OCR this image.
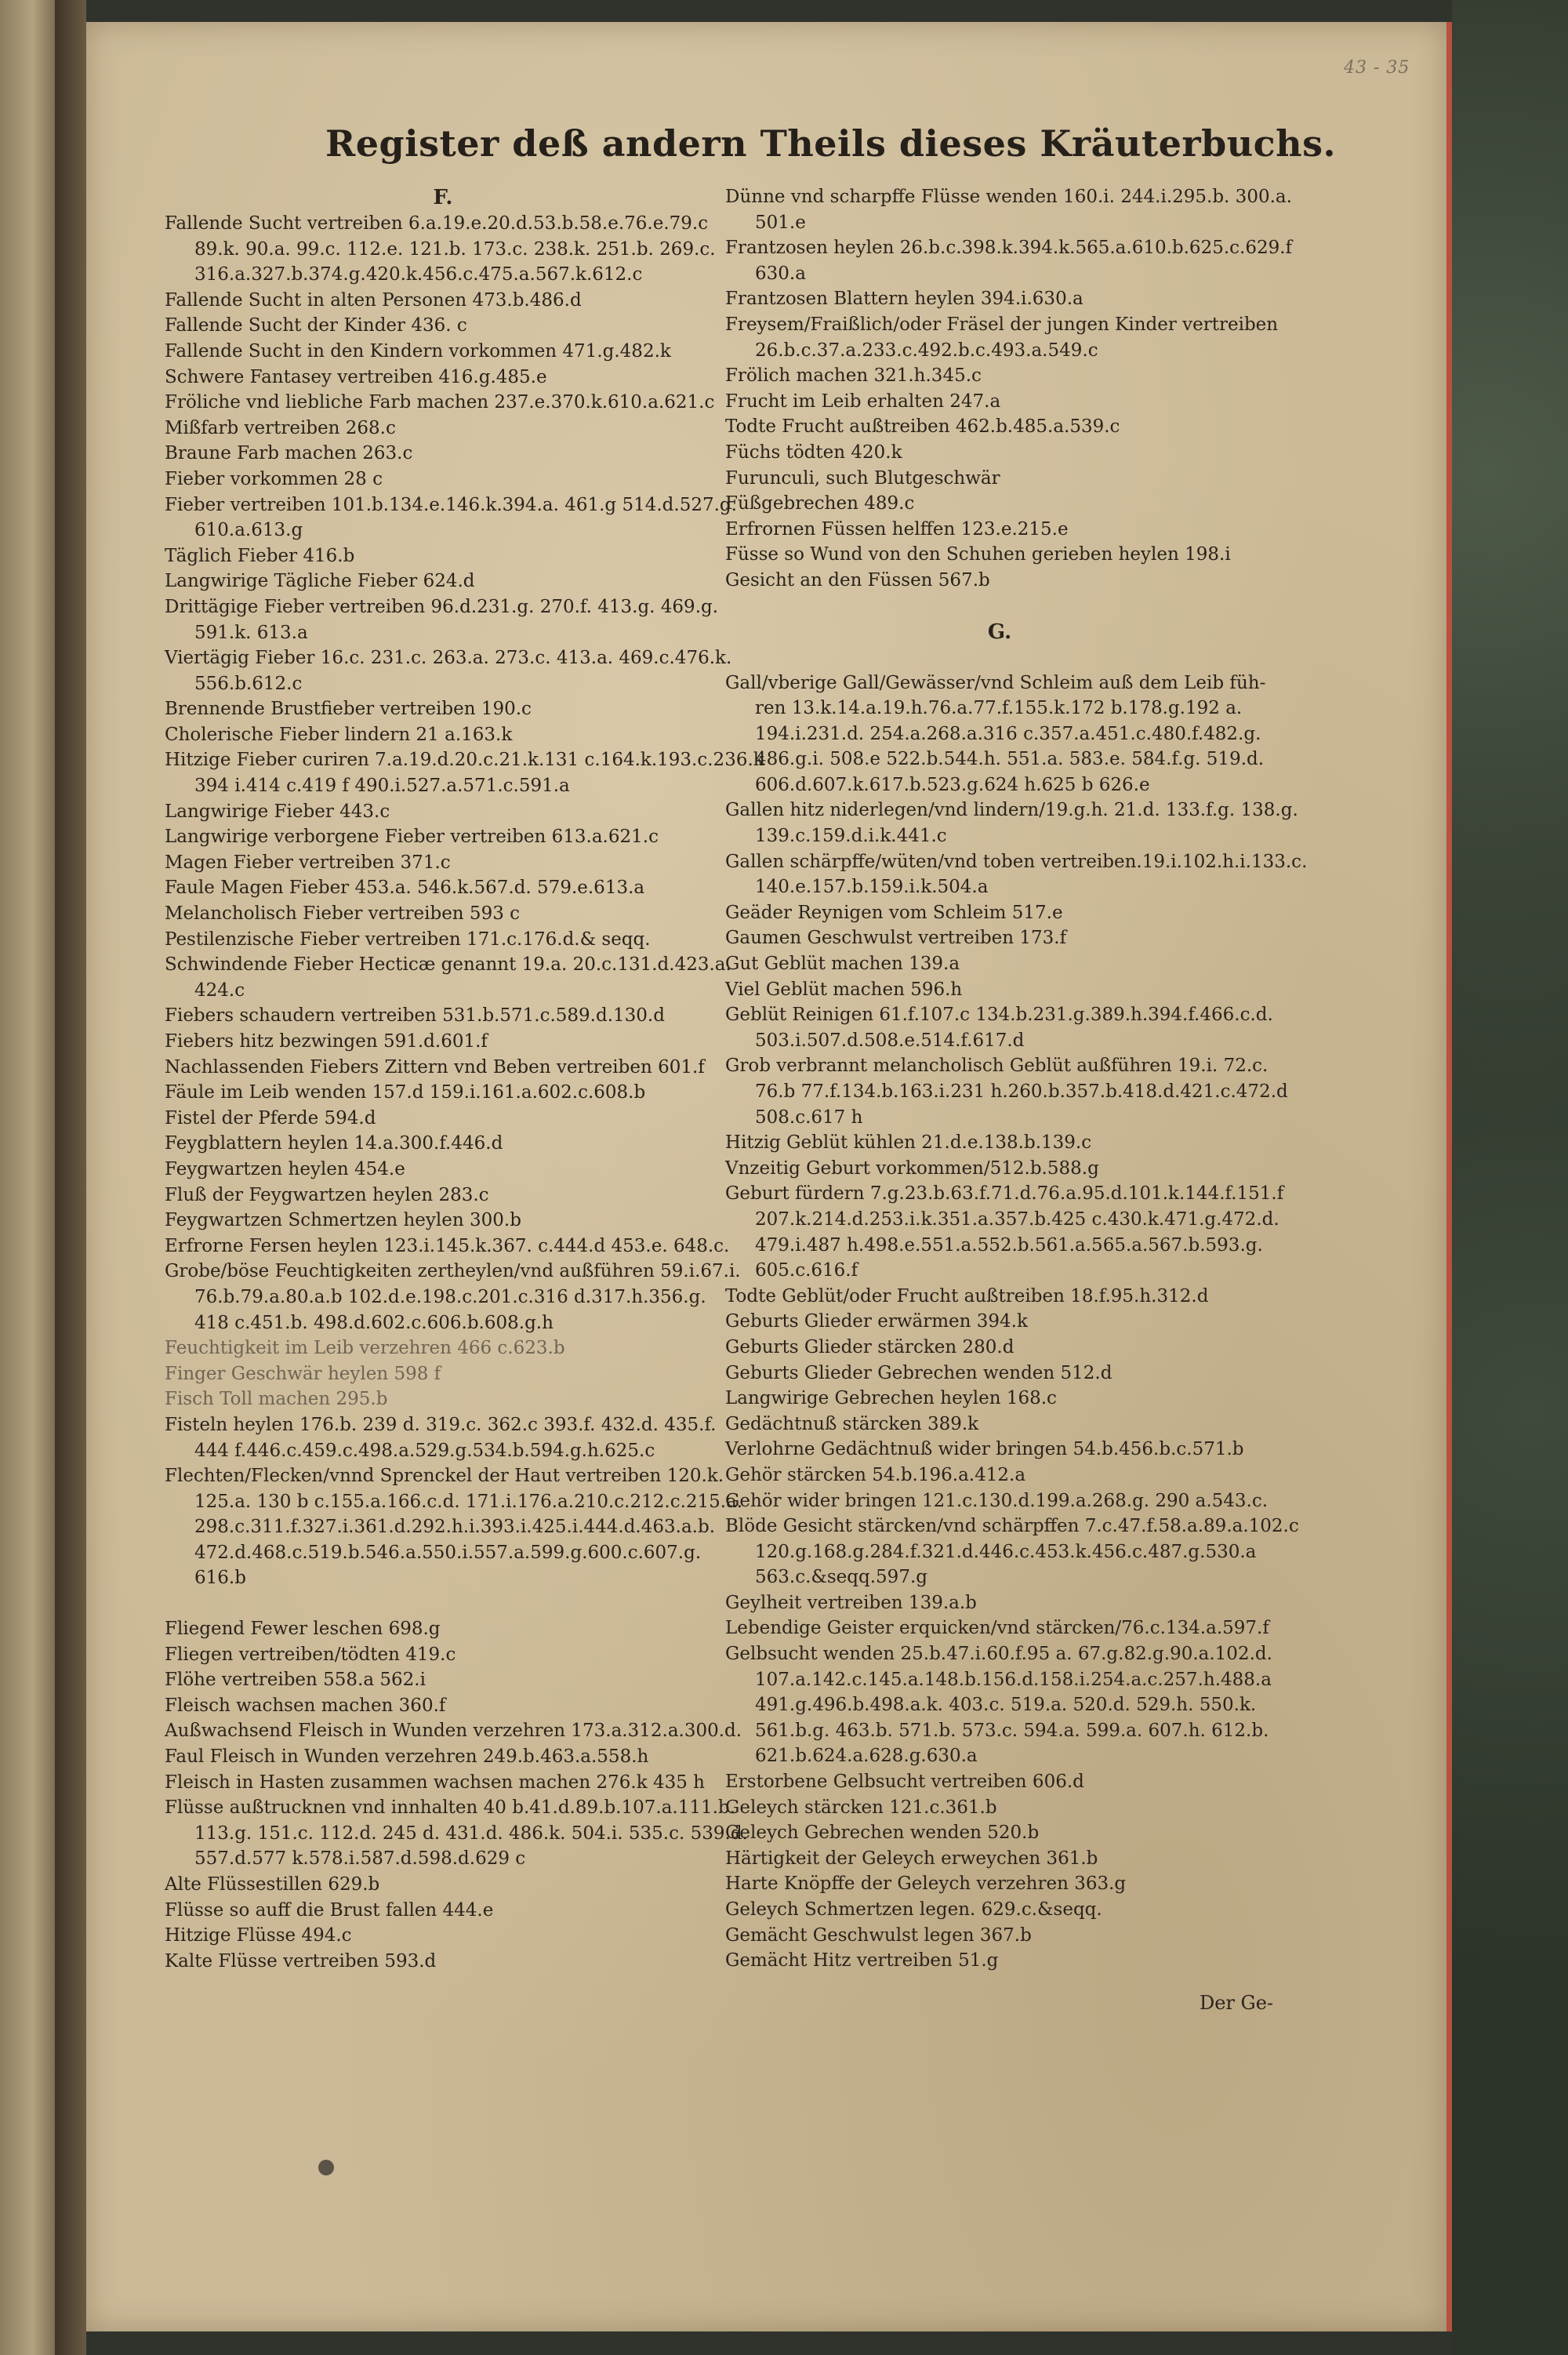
43 - 35
Register deß andern Theils dieses Kräuterbuchs.
F.
Fallende Sucht vertreiben 6.a.19.e.20.d.53.b.58.e.76.e.79.c
89.k. 90.a. 99.c. 112.e. 121.b. 173.c. 238.k. 251.b. 269.c.
316.a.327.b.374.g.420.k.456.c.475.a.567.k.612.c
Fallende Sucht in alten Personen 473.b.486.d
Fallende Sucht der Kinder 436. c
Fallende Sucht in den Kindern vorkommen 471.g.482.k
Schwere Fantasey vertreiben 416.g.485.e
Fröliche vnd liebliche Farb machen 237.e.370.k.610.a.621.c
Mißfarb vertreiben 268.c
Braune Farb machen 263.c
Fieber vorkommen 28 c
Fieber vertreiben 101.b.134.e.146.k.394.a. 461.g 514.d.527.g.
610.a.613.g
Täglich Fieber 416.b
Langwirige Tägliche Fieber 624.d
Drittägige Fieber vertreiben 96.d.231.g. 270.f. 413.g. 469.g.
591.k. 613.a
Viertägig Fieber 16.c. 231.c. 263.a. 273.c. 413.a. 469.c.476.k.
556.b.612.c
Brennende Brustfieber vertreiben 190.c
Cholerische Fieber lindern 21 a.163.k
Hitzige Fieber curiren 7.a.19.d.20.c.21.k.131 c.164.k.193.c.236.k
394 i.414 c.419 f 490.i.527.a.571.c.591.a
Langwirige Fieber 443.c
Langwirige verborgene Fieber vertreiben 613.a.621.c
Magen Fieber vertreiben 371.c
Faule Magen Fieber 453.a. 546.k.567.d. 579.e.613.a
Melancholisch Fieber vertreiben 593 c
Pestilenzische Fieber vertreiben 171.c.176.d.& seqq.
Schwindende Fieber Hecticæ genannt 19.a. 20.c.131.d.423.a.
424.c
Fiebers schaudern vertreiben 531.b.571.c.589.d.130.d
Fiebers hitz bezwingen 591.d.601.f
Nachlassenden Fiebers Zittern vnd Beben vertreiben 601.f
Fäule im Leib wenden 157.d 159.i.161.a.602.c.608.b
Fistel der Pferde 594.d
Feygblattern heylen 14.a.300.f.446.d
Feygwartzen heylen 454.e
Fluß der Feygwartzen heylen 283.c
Feygwartzen Schmertzen heylen 300.b
Erfrorne Fersen heylen 123.i.145.k.367. c.444.d 453.e. 648.c.
Grobe/böse Feuchtigkeiten zertheylen/vnd außführen 59.i.67.i.
76.b.79.a.80.a.b 102.d.e.198.c.201.c.316 d.317.h.356.g.
418 c.451.b. 498.d.602.c.606.b.608.g.h
Feuchtigkeit im Leib verzehren 466 c.623.b
Finger Geschwär heylen 598 f
Fisch Toll machen 295.b
Fisteln heylen 176.b. 239 d. 319.c. 362.c 393.f. 432.d. 435.f.
444 f.446.c.459.c.498.a.529.g.534.b.594.g.h.625.c
Flechten/Flecken/vnnd Sprenckel der Haut vertreiben 120.k.
125.a. 130 b c.155.a.166.c.d. 171.i.176.a.210.c.212.c.215.a.
298.c.311.f.327.i.361.d.292.h.i.393.i.425.i.444.d.463.a.b.
472.d.468.c.519.b.546.a.550.i.557.a.599.g.600.c.607.g.
616.b
Fliegend Fewer leschen 698.g
Fliegen vertreiben/tödten 419.c
Flöhe vertreiben 558.a 562.i
Fleisch wachsen machen 360.f
Außwachsend Fleisch in Wunden verzehren 173.a.312.a.300.d.
Faul Fleisch in Wunden verzehren 249.b.463.a.558.h
Fleisch in Hasten zusammen wachsen machen 276.k 435 h
Flüsse außtrucknen vnd innhalten 40 b.41.d.89.b.107.a.111.b.
113.g. 151.c. 112.d. 245 d. 431.d. 486.k. 504.i. 535.c. 539.d.
557.d.577 k.578.i.587.d.598.d.629 c
Alte Flüssestillen 629.b
Flüsse so auff die Brust fallen 444.e
Hitzige Flüsse 494.c
Kalte Flüsse vertreiben 593.d
Dünne vnd scharpffe Flüsse wenden 160.i. 244.i.295.b. 300.a.
501.e
Frantzosen heylen 26.b.c.398.k.394.k.565.a.610.b.625.c.629.f
630.a
Frantzosen Blattern heylen 394.i.630.a
Freysem/Fraißlich/oder Fräsel der jungen Kinder vertreiben
26.b.c.37.a.233.c.492.b.c.493.a.549.c
Frölich machen 321.h.345.c
Frucht im Leib erhalten 247.a
Todte Frucht außtreiben 462.b.485.a.539.c
Füchs tödten 420.k
Furunculi, such Blutgeschwär
Füßgebrechen 489.c
Erfrornen Füssen helffen 123.e.215.e
Füsse so Wund von den Schuhen gerieben heylen 198.i
Gesicht an den Füssen 567.b
G.
Gall/vberige Gall/Gewässer/vnd Schleim auß dem Leib füh-
ren 13.k.14.a.19.h.76.a.77.f.155.k.172 b.178.g.192 a.
194.i.231.d. 254.a.268.a.316 c.357.a.451.c.480.f.482.g.
486.g.i. 508.e 522.b.544.h. 551.a. 583.e. 584.f.g. 519.d.
606.d.607.k.617.b.523.g.624 h.625 b 626.e
Gallen hitz niderlegen/vnd lindern/19.g.h. 21.d. 133.f.g. 138.g.
139.c.159.d.i.k.441.c
Gallen schärpffe/wüten/vnd toben vertreiben.19.i.102.h.i.133.c.
140.e.157.b.159.i.k.504.a
Geäder Reynigen vom Schleim 517.e
Gaumen Geschwulst vertreiben 173.f
Gut Geblüt machen 139.a
Viel Geblüt machen 596.h
Geblüt Reinigen 61.f.107.c 134.b.231.g.389.h.394.f.466.c.d.
503.i.507.d.508.e.514.f.617.d
Grob verbrannt melancholisch Geblüt außführen 19.i. 72.c.
76.b 77.f.134.b.163.i.231 h.260.b.357.b.418.d.421.c.472.d
508.c.617 h
Hitzig Geblüt kühlen 21.d.e.138.b.139.c
Vnzeitig Geburt vorkommen/512.b.588.g
Geburt fürdern 7.g.23.b.63.f.71.d.76.a.95.d.101.k.144.f.151.f
207.k.214.d.253.i.k.351.a.357.b.425 c.430.k.471.g.472.d.
479.i.487 h.498.e.551.a.552.b.561.a.565.a.567.b.593.g.
605.c.616.f
Todte Geblüt/oder Frucht außtreiben 18.f.95.h.312.d
Geburts Glieder erwärmen 394.k
Geburts Glieder stärcken 280.d
Geburts Glieder Gebrechen wenden 512.d
Langwirige Gebrechen heylen 168.c
Gedächtnuß stärcken 389.k
Verlohrne Gedächtnuß wider bringen 54.b.456.b.c.571.b
Gehör stärcken 54.b.196.a.412.a
Gehör wider bringen 121.c.130.d.199.a.268.g. 290 a.543.c.
Blöde Gesicht stärcken/vnd schärpffen 7.c.47.f.58.a.89.a.102.c
120.g.168.g.284.f.321.d.446.c.453.k.456.c.487.g.530.a
563.c.&seqq.597.g
Geylheit vertreiben 139.a.b
Lebendige Geister erquicken/vnd stärcken/76.c.134.a.597.f
Gelbsucht wenden 25.b.47.i.60.f.95 a. 67.g.82.g.90.a.102.d.
107.a.142.c.145.a.148.b.156.d.158.i.254.a.c.257.h.488.a
491.g.496.b.498.a.k. 403.c. 519.a. 520.d. 529.h. 550.k.
561.b.g. 463.b. 571.b. 573.c. 594.a. 599.a. 607.h. 612.b.
621.b.624.a.628.g.630.a
Erstorbene Gelbsucht vertreiben 606.d
Geleych stärcken 121.c.361.b
Geleych Gebrechen wenden 520.b
Härtigkeit der Geleych erweychen 361.b
Harte Knöpffe der Geleych verzehren 363.g
Geleych Schmertzen legen. 629.c.&seqq.
Gemächt Geschwulst legen 367.b
Gemächt Hitz vertreiben 51.g
Der Ge-
